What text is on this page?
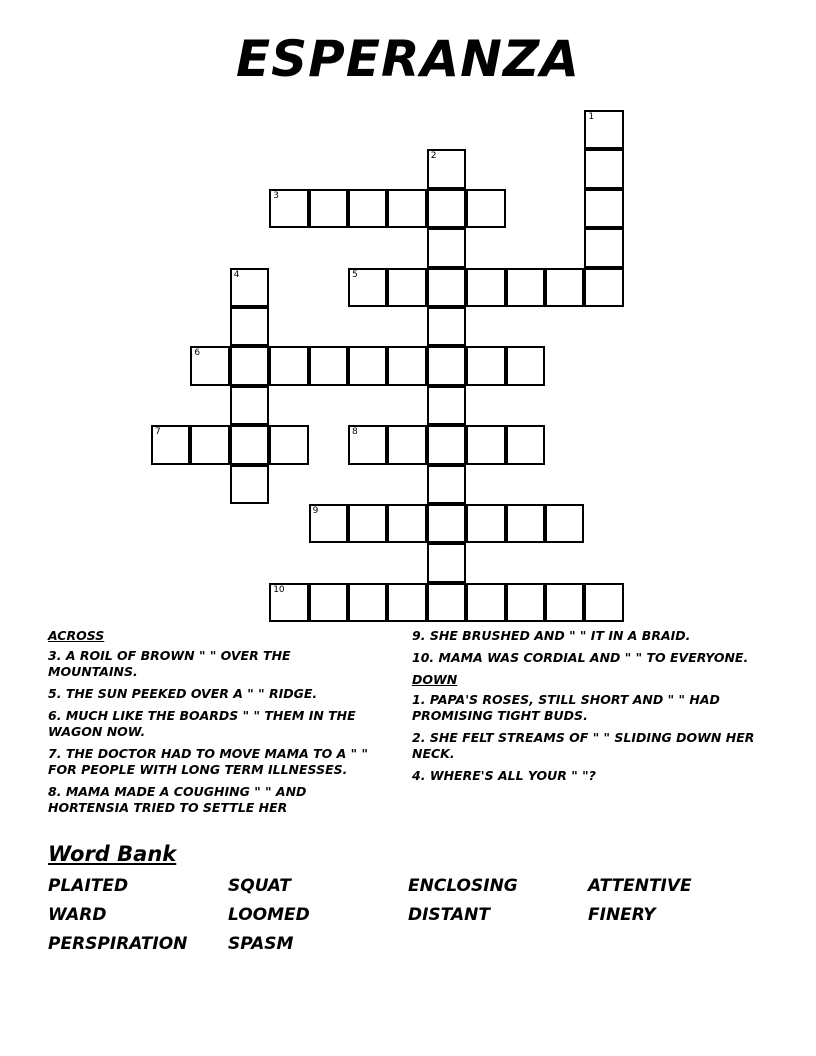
ESPERANZA
1
2
3
4	5
6
7	8
9
10
ACROSS
3. A ROIL OF BROWN " " OVER THE MOUNTAINS.
5. THE SUN PEEKED OVER A " " RIDGE.
6. MUCH LIKE THE BOARDS " " THEM IN THE WAGON NOW.
7. THE DOCTOR HAD TO MOVE MAMA TO A " " FOR PEOPLE WITH LONG TERM ILLNESSES.
8. MAMA MADE A COUGHING " " AND HORTENSIA TRIED TO SETTLE HER
9. SHE BRUSHED AND " " IT IN A BRAID.
10. MAMA WAS CORDIAL AND " " TO EVERYONE.
DOWN
1. PAPA'S ROSES, STILL SHORT AND " " HAD PROMISING TIGHT BUDS.
2. SHE FELT STREAMS OF " " SLIDING DOWN HER NECK.
4. WHERE'S ALL YOUR " "?
Word Bank
PLAITED	SQUAT	ENCLOSING	ATTENTIVE
WARD	LOOMED	DISTANT	FINERY
PERSPIRATION	SPASM
